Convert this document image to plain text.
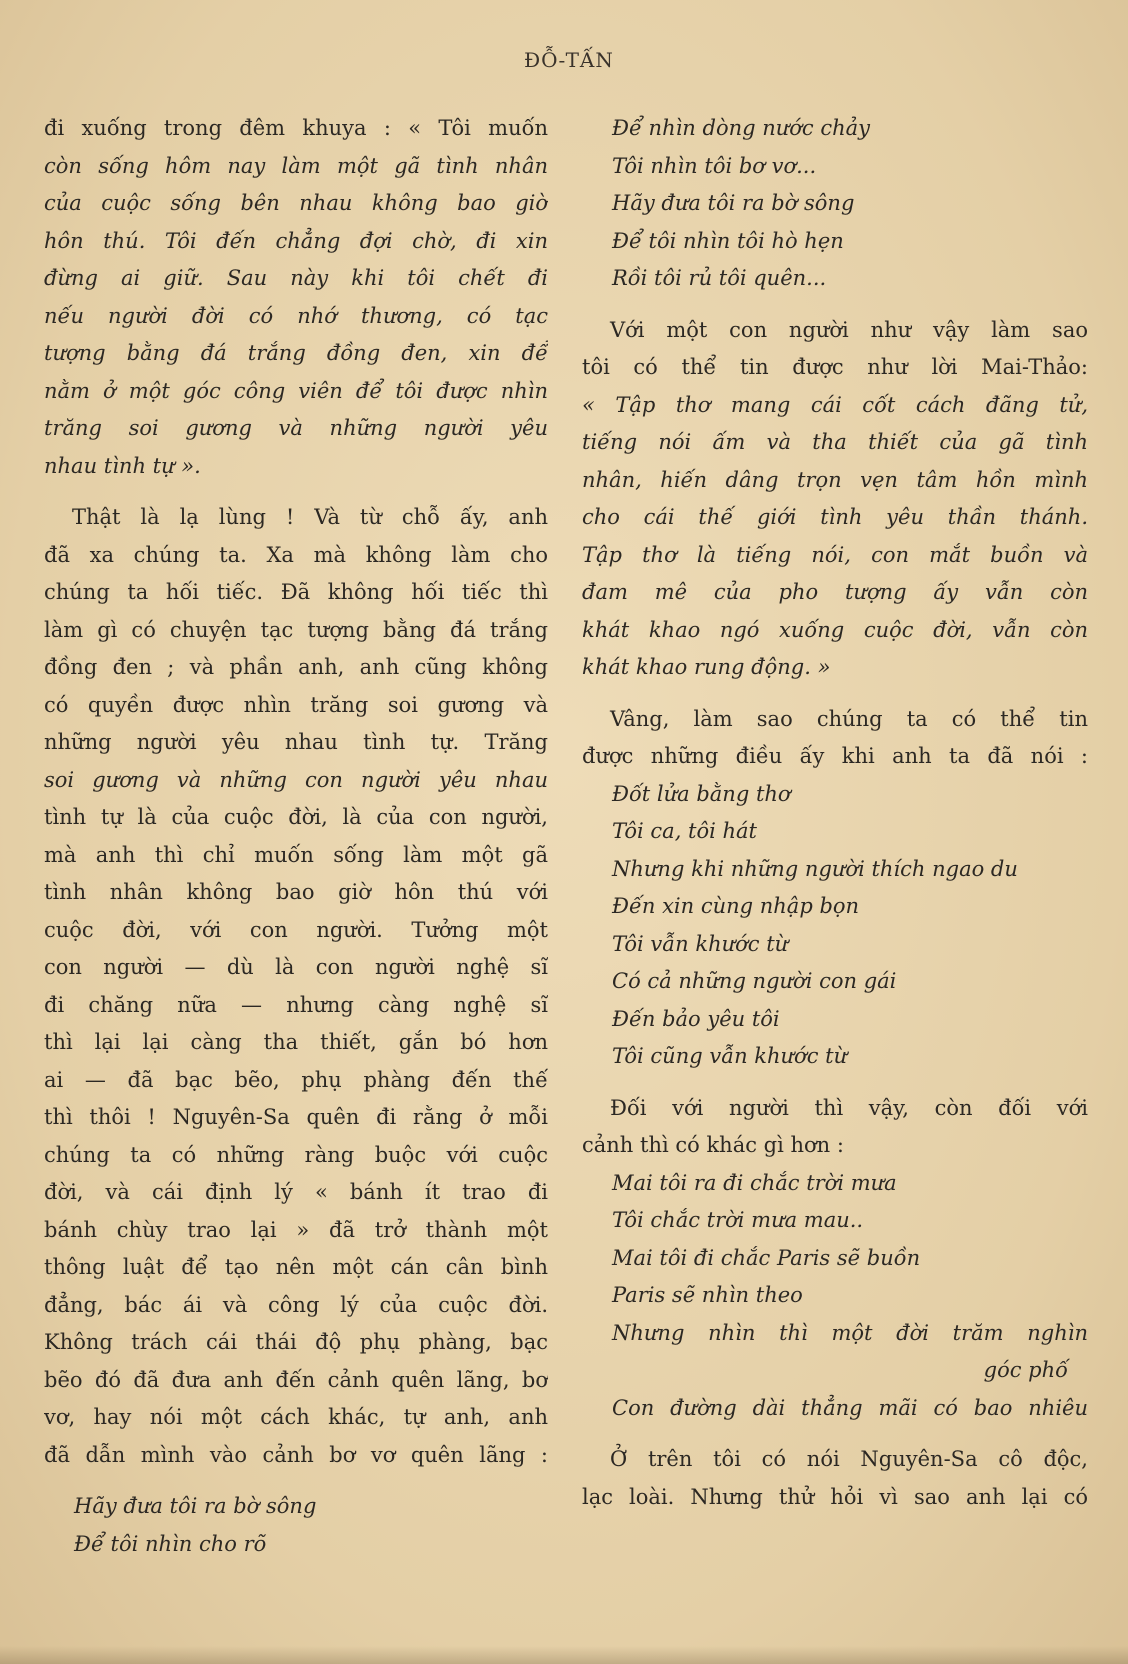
ĐỖ-TẤN
đi xuống trong đêm khuya : « Tôi muốn
còn sống hôm nay làm một gã tình nhân
của cuộc sống bên nhau không bao giờ
hôn thú. Tôi đến chẳng đợi chờ, đi xin
đừng ai giữ. Sau này khi tôi chết đi
nếu người đời có nhớ thương, có tạc
tượng bằng đá trắng đồng đen, xin để
nằm ở một góc công viên để tôi được nhìn
trăng soi gương và những người yêu
nhau tình tự ».
Thật là lạ lùng ! Và từ chỗ ấy, anh
đã xa chúng ta. Xa mà không làm cho
chúng ta hối tiếc. Đã không hối tiếc thì
làm gì có chuyện tạc tượng bằng đá trắng
đồng đen ; và phần anh, anh cũng không
có quyền được nhìn trăng soi gương và
những người yêu nhau tình tự. Trăng
soi gương và những con người yêu nhau
tình tự là của cuộc đời, là của con người,
mà anh thì chỉ muốn sống làm một gã
tình nhân không bao giờ hôn thú với
cuộc đời, với con người. Tưởng một
con người — dù là con người nghệ sĩ
đi chăng nữa — nhưng càng nghệ sĩ
thì lại lại càng tha thiết, gắn bó hơn
ai — đã bạc bẽo, phụ phàng đến thế
thì thôi ! Nguyên-Sa quên đi rằng ở mỗi
chúng ta có những ràng buộc với cuộc
đời, và cái định lý « bánh ít trao đi
bánh chùy trao lại » đã trở thành một
thông luật để tạo nên một cán cân bình
đẳng, bác ái và công lý của cuộc đời.
Không trách cái thái độ phụ phàng, bạc
bẽo đó đã đưa anh đến cảnh quên lãng, bơ
vơ, hay nói một cách khác, tự anh, anh
đã dẫn mình vào cảnh bơ vơ quên lãng :
Hãy đưa tôi ra bờ sông
Để tôi nhìn cho rõ
Để nhìn dòng nước chảy
Tôi nhìn tôi bơ vơ...
Hãy đưa tôi ra bờ sông
Để tôi nhìn tôi hò hẹn
Rồi tôi rủ tôi quên...
Với một con người như vậy làm sao
tôi có thể tin được như lời Mai-Thảo:
« Tập thơ mang cái cốt cách đãng tử,
tiếng nói ấm và tha thiết của gã tình
nhân, hiến dâng trọn vẹn tâm hồn mình
cho cái thế giới tình yêu thần thánh.
Tập thơ là tiếng nói, con mắt buồn và
đam mê của pho tượng ấy vẫn còn
khát khao ngó xuống cuộc đời, vẫn còn
khát khao rung động. »
Vâng, làm sao chúng ta có thể tin
được những điều ấy khi anh ta đã nói :
Đốt lửa bằng thơ
Tôi ca, tôi hát
Nhưng khi những người thích ngao du
Đến xin cùng nhập bọn
Tôi vẫn khước từ
Có cả những người con gái
Đến bảo yêu tôi
Tôi cũng vẫn khước từ
Đối với người thì vậy, còn đối với
cảnh thì có khác gì hơn :
Mai tôi ra đi chắc trời mưa
Tôi chắc trời mưa mau..
Mai tôi đi chắc Paris sẽ buồn
Paris sẽ nhìn theo
Nhưng nhìn thì một đời trăm nghìn
góc phố
Con đường dài thẳng mãi có bao nhiêu
Ở trên tôi có nói Nguyên-Sa cô độc,
lạc loài. Nhưng thử hỏi vì sao anh lại có
